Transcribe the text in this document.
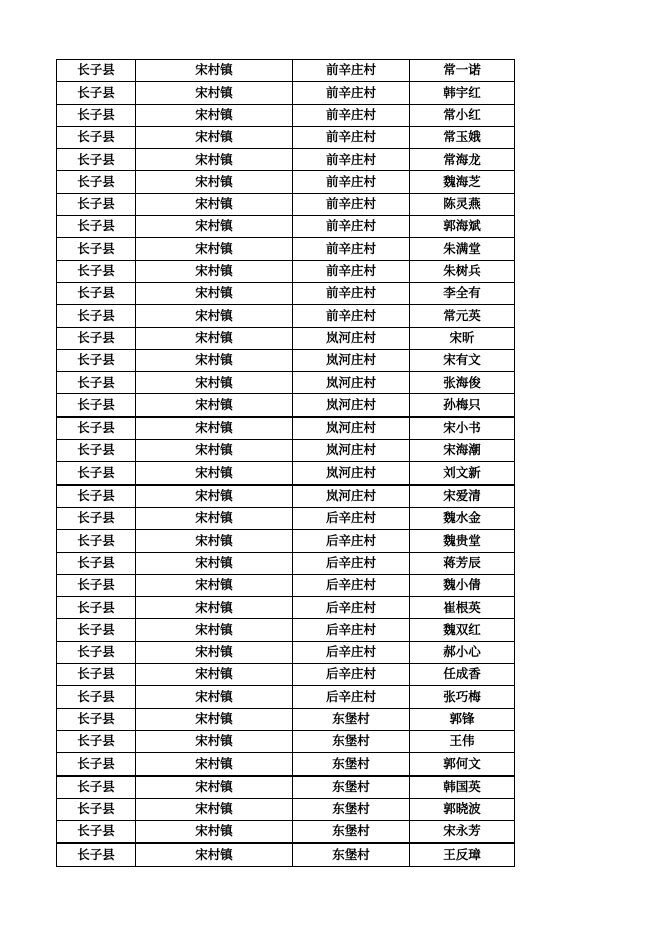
长子县	宋村镇	前辛庄村	常一诺
长子县	宋村镇	前辛庄村	韩宇红
长子县	宋村镇	前辛庄村	常小红
长子县	宋村镇	前辛庄村	常玉娥
长子县	宋村镇	前辛庄村	常海龙
长子县	宋村镇	前辛庄村	魏海芝
长子县	宋村镇	前辛庄村	陈灵燕
长子县	宋村镇	前辛庄村	郭海斌
长子县	宋村镇	前辛庄村	朱满堂
长子县	宋村镇	前辛庄村	朱树兵
长子县	宋村镇	前辛庄村	李全有
长子县	宋村镇	前辛庄村	常元英
长子县	宋村镇	岚河庄村	宋昕
长子县	宋村镇	岚河庄村	宋有文
长子县	宋村镇	岚河庄村	张海俊
长子县	宋村镇	岚河庄村	孙梅只
长子县	宋村镇	岚河庄村	宋小书
长子县	宋村镇	岚河庄村	宋海潮
长子县	宋村镇	岚河庄村	刘文新
长子县	宋村镇	岚河庄村	宋爱清
长子县	宋村镇	后辛庄村	魏水金
长子县	宋村镇	后辛庄村	魏贵堂
长子县	宋村镇	后辛庄村	蒋芳辰
长子县	宋村镇	后辛庄村	魏小倩
长子县	宋村镇	后辛庄村	崔根英
长子县	宋村镇	后辛庄村	魏双红
长子县	宋村镇	后辛庄村	郝小心
长子县	宋村镇	后辛庄村	任成香
长子县	宋村镇	后辛庄村	张巧梅
长子县	宋村镇	东堡村	郭锋
长子县	宋村镇	东堡村	王伟
长子县	宋村镇	东堡村	郭何文
长子县	宋村镇	东堡村	韩国英
长子县	宋村镇	东堡村	郭晓波
长子县	宋村镇	东堡村	宋永芳
长子县	宋村镇	东堡村	王反璋
